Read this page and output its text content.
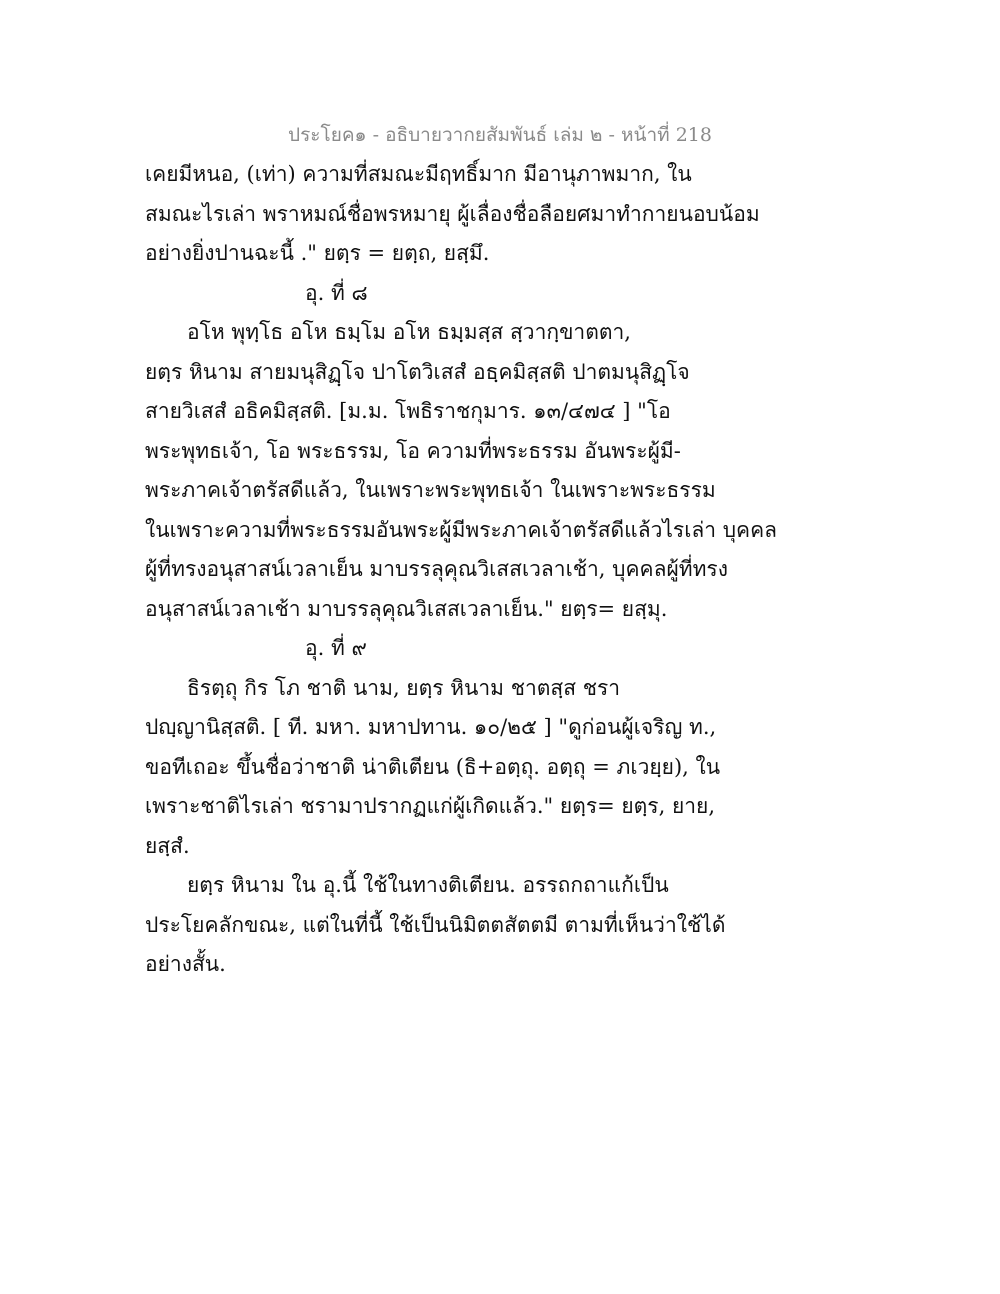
ประโยค๑ - อธิบายวากยสัมพันธ์ เล่ม ๒ - หน้าที่ 218
เคยมีหนอ, (เท่า) ความที่สมณะมีฤทธิ์มาก มีอานุภาพมาก, ใน
สมณะไรเล่า พราหมณ์ชื่อพรหมายุ ผู้เลื่องชื่อลือยศมาทำกายนอบน้อม
อย่างยิ่งปานฉะนี้ ." ยตฺร = ยตฺถ, ยสฺมึ.
อุ. ที่ ๘
อโห พุทฺโธ อโห ธมฺโม อโห ธมฺมสฺส สฺวากฺขาตตา,
ยตฺร หินาม สายมนุสิฏฺโจ ปาโตวิเสสํ อธฺคมิสฺสติ ปาตมนุสิฏฺโจ
สายวิเสสํ อธิคมิสฺสติ. [ม.ม. โพธิราชกุมาร. ๑๓/๔๗๔ ] "โอ
พระพุทธเจ้า, โอ พระธรรม, โอ ความที่พระธรรม อันพระผู้มี-
พระภาคเจ้าตรัสดีแล้ว, ในเพราะพระพุทธเจ้า ในเพราะพระธรรม
ในเพราะความที่พระธรรมอันพระผู้มีพระภาคเจ้าตรัสดีแล้วไรเล่า บุคคล
ผู้ที่ทรงอนุสาสน์เวลาเย็น มาบรรลุคุณวิเสสเวลาเช้า, บุคคลผู้ที่ทรง
อนุสาสน์เวลาเช้า มาบรรลุคุณวิเสสเวลาเย็น." ยตฺร= ยสฺมุ.
อุ. ที่ ๙
ธิรตฺถุ กิร โภ ชาติ นาม, ยตฺร หินาม ชาตสฺส ชรา
ปญฺญานิสฺสติ. [ ที. มหา. มหาปทาน. ๑๐/๒๕ ] "ดูก่อนผู้เจริญ ท.,
ขอทีเถอะ ขึ้นชื่อว่าชาติ น่าติเตียน (ธิ+อตฺถุ. อตฺถุ = ภเวยฺย), ใน
เพราะชาติไรเล่า ชรามาปรากฏแก่ผู้เกิดแล้ว." ยตฺร= ยตฺร, ยาย,
ยสฺสํ.
ยตฺร หินาม ใน อุ.นี้ ใช้ในทางติเตียน. อรรถกถาแก้เป็น
ประโยคลักขณะ, แต่ในที่นี้ ใช้เป็นนิมิตตสัตตมี ตามที่เห็นว่าใช้ได้
อย่างสั้น.
